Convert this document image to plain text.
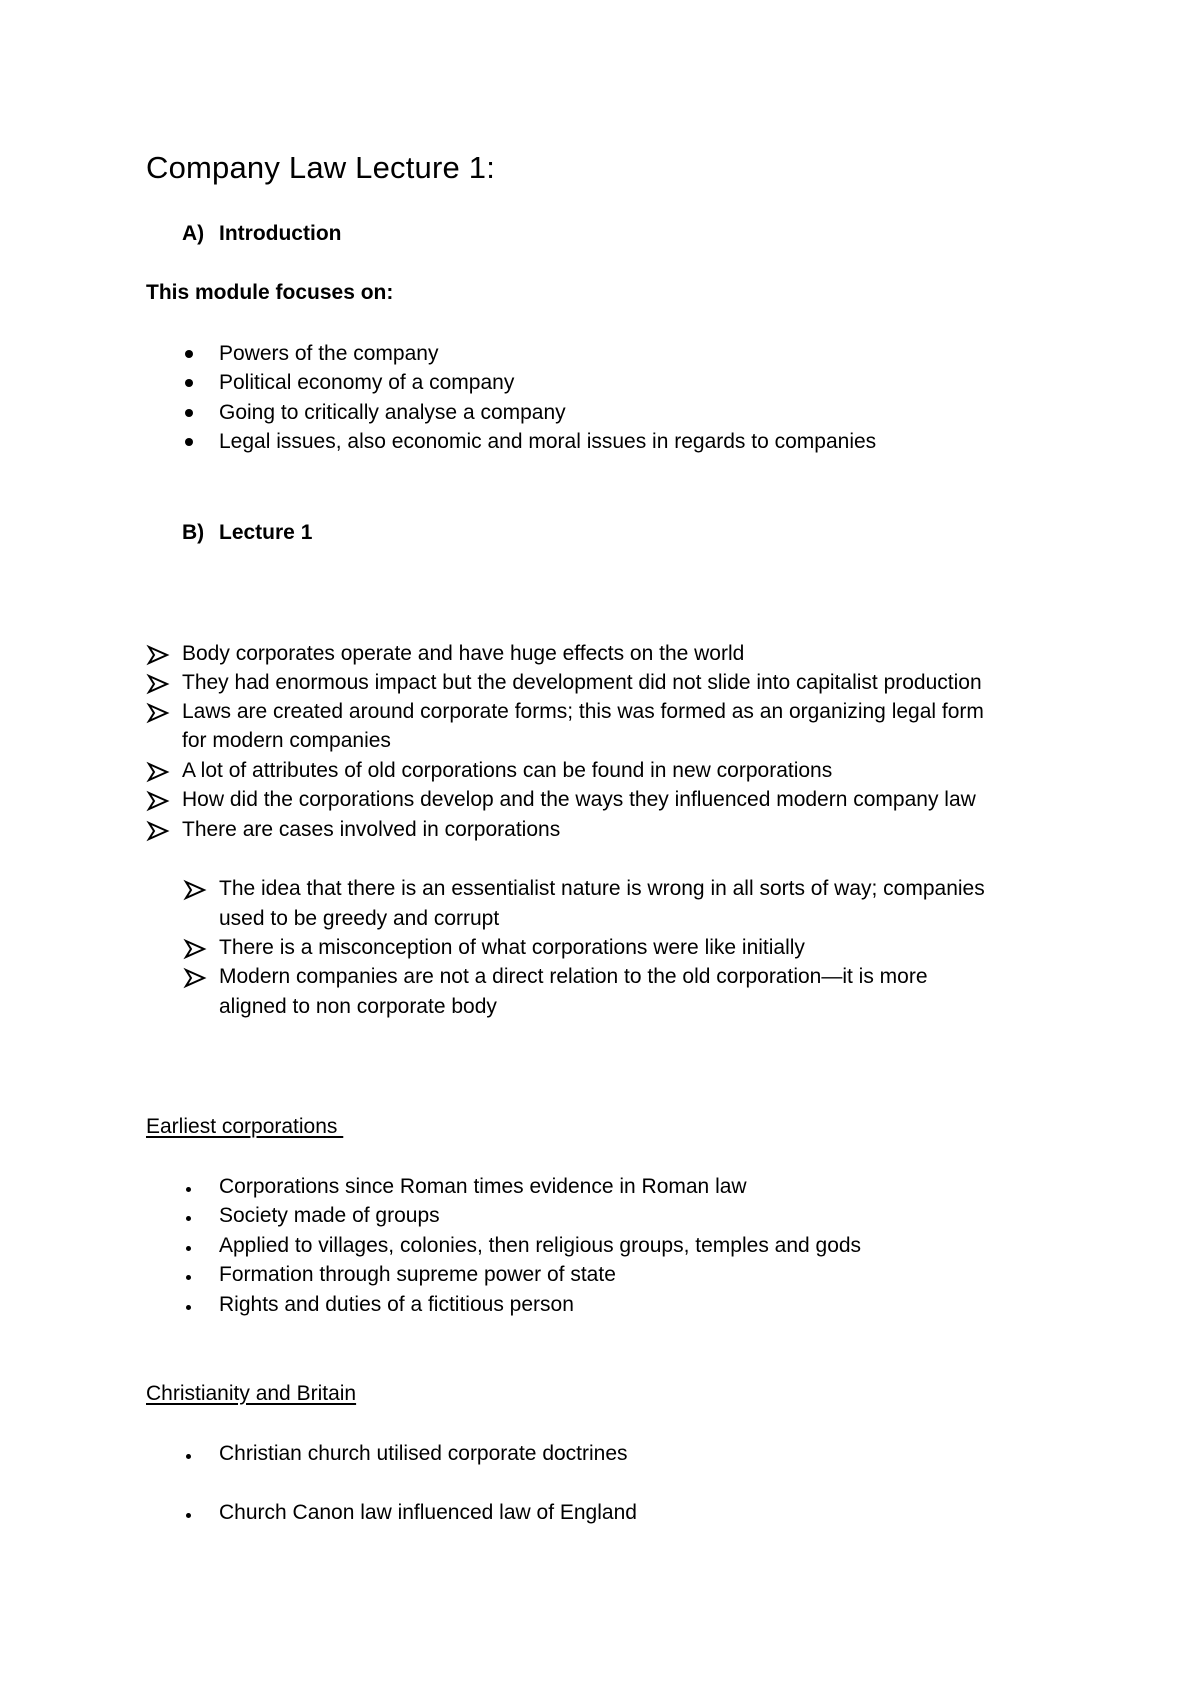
Company Law Lecture 1:
A) Introduction
This module focuses on:
Powers of the company
Political economy of a company
Going to critically analyse a company
Legal issues, also economic and moral issues in regards to companies
B) Lecture 1
Body corporates operate and have huge effects on the world
They had enormous impact but the development did not slide into capitalist production
Laws are created around corporate forms; this was formed as an organizing legal form
for modern companies
A lot of attributes of old corporations can be found in new corporations
How did the corporations develop and the ways they influenced modern company law
There are cases involved in corporations
The idea that there is an essentialist nature is wrong in all sorts of way; companies
used to be greedy and corrupt
There is a misconception of what corporations were like initially
Modern companies are not a direct relation to the old corporation—it is more
aligned to non corporate body
Earliest corporations
Corporations since Roman times evidence in Roman law
Society made of groups
Applied to villages, colonies, then religious groups, temples and gods
Formation through supreme power of state
Rights and duties of a fictitious person
Christianity and Britain
Christian church utilised corporate doctrines
Church Canon law influenced law of England
